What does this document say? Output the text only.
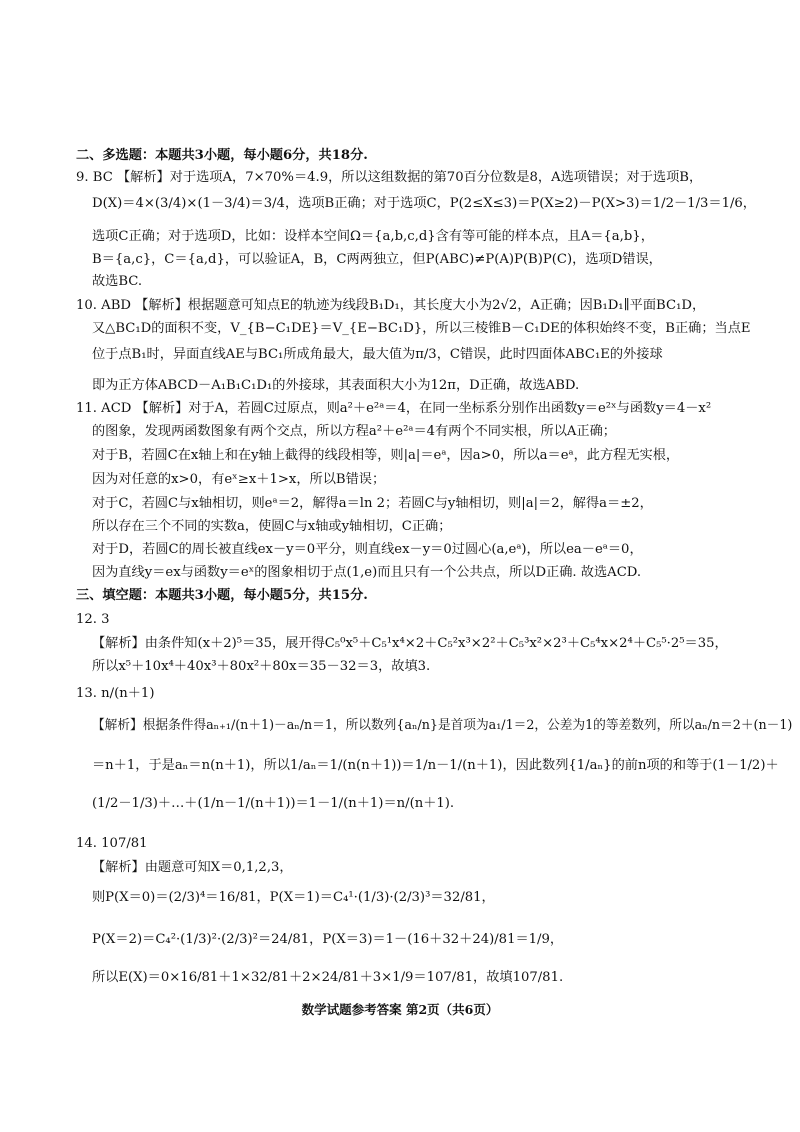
二、多选题：本题共3小题，每小题6分，共18分.
9. BC 【解析】对于选项A，7×70%＝4.9，所以这组数据的第70百分位数是8，A选项错误；对于选项B，
D(X)＝4×(3/4)×(1－3/4)＝3/4，选项B正确；对于选项C，P(2≤X≤3)＝P(X≥2)－P(X>3)＝1/2－1/3＝1/6，
选项C正确；对于选项D，比如：设样本空间Ω＝{a,b,c,d}含有等可能的样本点，且A＝{a,b}，
B＝{a,c}，C＝{a,d}，可以验证A，B，C两两独立，但P(ABC)≠P(A)P(B)P(C)，选项D错误，
故选BC.
10. ABD 【解析】根据题意可知点E的轨迹为线段B₁D₁，其长度大小为2√2，A正确；因B₁D₁∥平面BC₁D，
又△BC₁D的面积不变，V_{B−C₁DE}＝V_{E−BC₁D}，所以三棱锥B－C₁DE的体积始终不变，B正确；当点E
位于点B₁时，异面直线AE与BC₁所成角最大，最大值为π/3，C错误，此时四面体ABC₁E的外接球
即为正方体ABCD－A₁B₁C₁D₁的外接球，其表面积大小为12π，D正确，故选ABD.
11. ACD 【解析】对于A，若圆C过原点，则a²＋e²ᵃ＝4，在同一坐标系分别作出函数y＝e²ˣ与函数y＝4－x²
的图象，发现两函数图象有两个交点，所以方程a²＋e²ᵃ＝4有两个不同实根，所以A正确；
对于B，若圆C在x轴上和在y轴上截得的线段相等，则|a|＝eᵃ，因a>0，所以a＝eᵃ，此方程无实根，
因为对任意的x>0，有eˣ≥x＋1>x，所以B错误；
对于C，若圆C与x轴相切，则eᵃ＝2，解得a＝ln 2；若圆C与y轴相切，则|a|＝2，解得a＝±2，
所以存在三个不同的实数a，使圆C与x轴或y轴相切，C正确；
对于D，若圆C的周长被直线ex－y＝0平分，则直线ex－y＝0过圆心(a,eᵃ)，所以ea－eᵃ＝0，
因为直线y＝ex与函数y＝eˣ的图象相切于点(1,e)而且只有一个公共点，所以D正确. 故选ACD.
三、填空题：本题共3小题，每小题5分，共15分.
12. 3
【解析】由条件知(x＋2)⁵＝35，展开得C₅⁰x⁵＋C₅¹x⁴×2＋C₅²x³×2²＋C₅³x²×2³＋C₅⁴x×2⁴＋C₅⁵·2⁵＝35，
所以x⁵＋10x⁴＋40x³＋80x²＋80x＝35－32＝3，故填3.
13. n/(n＋1)
【解析】根据条件得aₙ₊₁/(n＋1)－aₙ/n＝1，所以数列{aₙ/n}是首项为a₁/1＝2，公差为1的等差数列，所以aₙ/n＝2＋(n－1)
＝n＋1，于是aₙ＝n(n＋1)，所以1/aₙ＝1/(n(n＋1))＝1/n－1/(n＋1)，因此数列{1/aₙ}的前n项的和等于(1－1/2)＋
(1/2－1/3)＋…＋(1/n－1/(n＋1))＝1－1/(n＋1)＝n/(n＋1).
14. 107/81
【解析】由题意可知X＝0,1,2,3，
则P(X＝0)＝(2/3)⁴＝16/81，P(X＝1)＝C₄¹·(1/3)·(2/3)³＝32/81，
P(X＝2)＝C₄²·(1/3)²·(2/3)²＝24/81，P(X＝3)＝1－(16＋32＋24)/81＝1/9，
所以E(X)＝0×16/81＋1×32/81＋2×24/81＋3×1/9＝107/81，故填107/81.
数学试题参考答案 第2页（共6页）
